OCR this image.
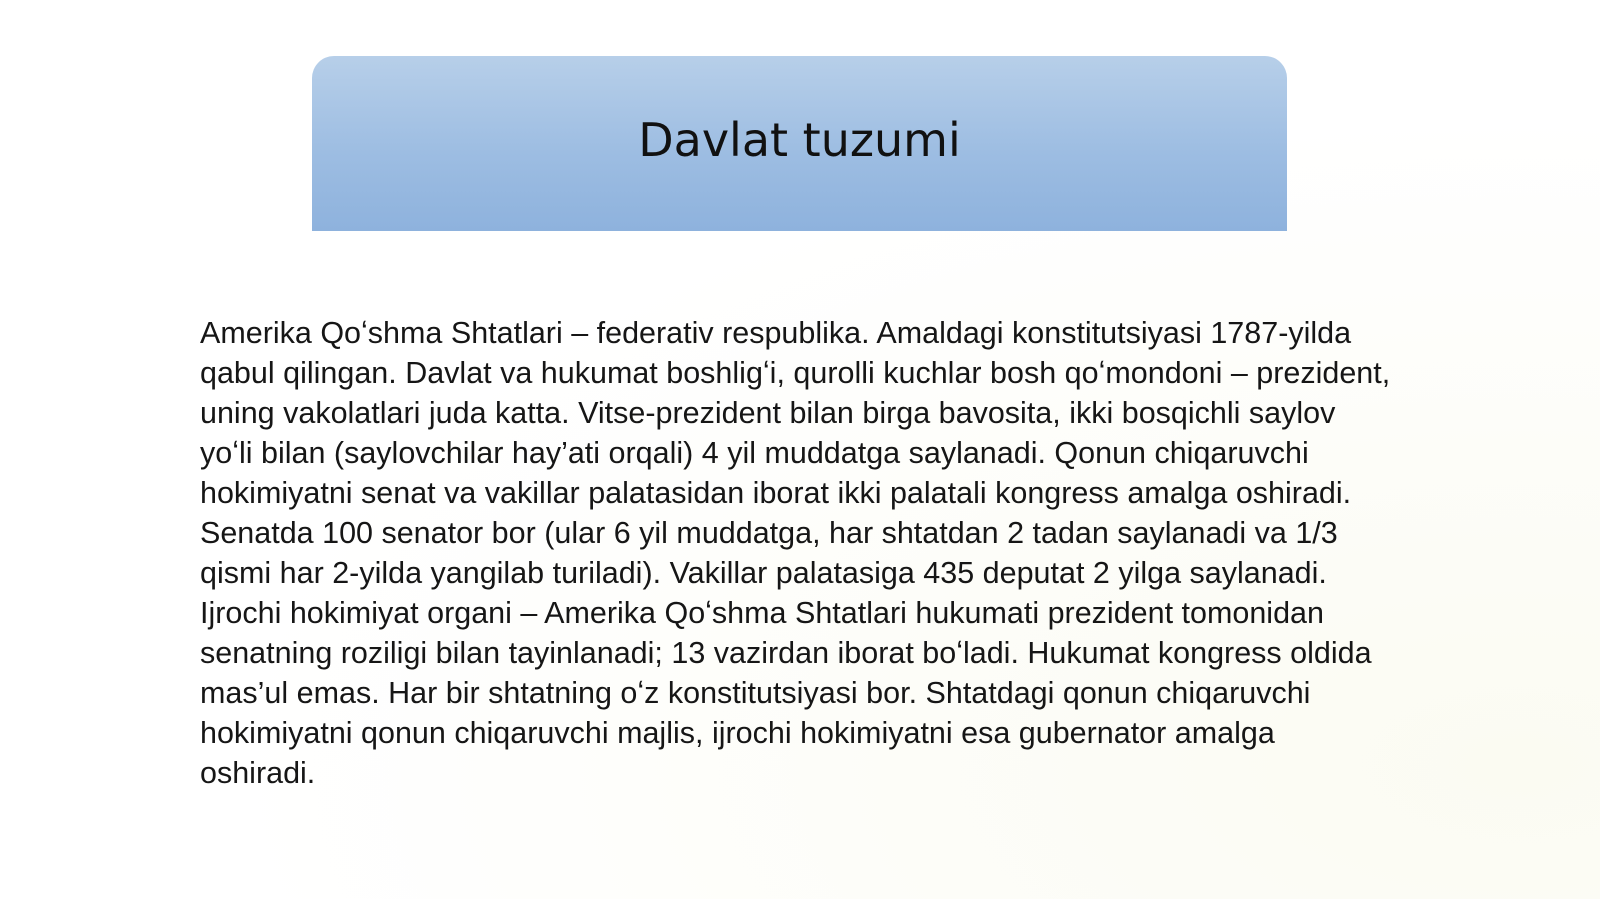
Davlat tuzumi
Amerika Qoʻshma Shtatlari – federativ respublika. Amaldagi konstitutsiyasi 1787-yilda
qabul qilingan. Davlat va hukumat boshligʻi, qurolli kuchlar bosh qoʻmondoni – prezident,
uning vakolatlari juda katta. Vitse-prezident bilan birga bavosita, ikki bosqichli saylov
yoʻli bilan (saylovchilar hay’ati orqali) 4 yil muddatga saylanadi. Qonun chiqaruvchi
hokimiyatni senat va vakillar palatasidan iborat ikki palatali kongress amalga oshiradi.
Senatda 100 senator bor (ular 6 yil muddatga, har shtatdan 2 tadan saylanadi va 1/3
qismi har 2-yilda yangilab turiladi). Vakillar palatasiga 435 deputat 2 yilga saylanadi.
Ijrochi hokimiyat organi – Amerika Qoʻshma Shtatlari hukumati prezident tomonidan
senatning roziligi bilan tayinlanadi; 13 vazirdan iborat boʻladi. Hukumat kongress oldida
mas’ul emas. Har bir shtatning oʻz konstitutsiyasi bor. Shtatdagi qonun chiqaruvchi
hokimiyatni qonun chiqaruvchi majlis, ijrochi hokimiyatni esa gubernator amalga
oshiradi.
